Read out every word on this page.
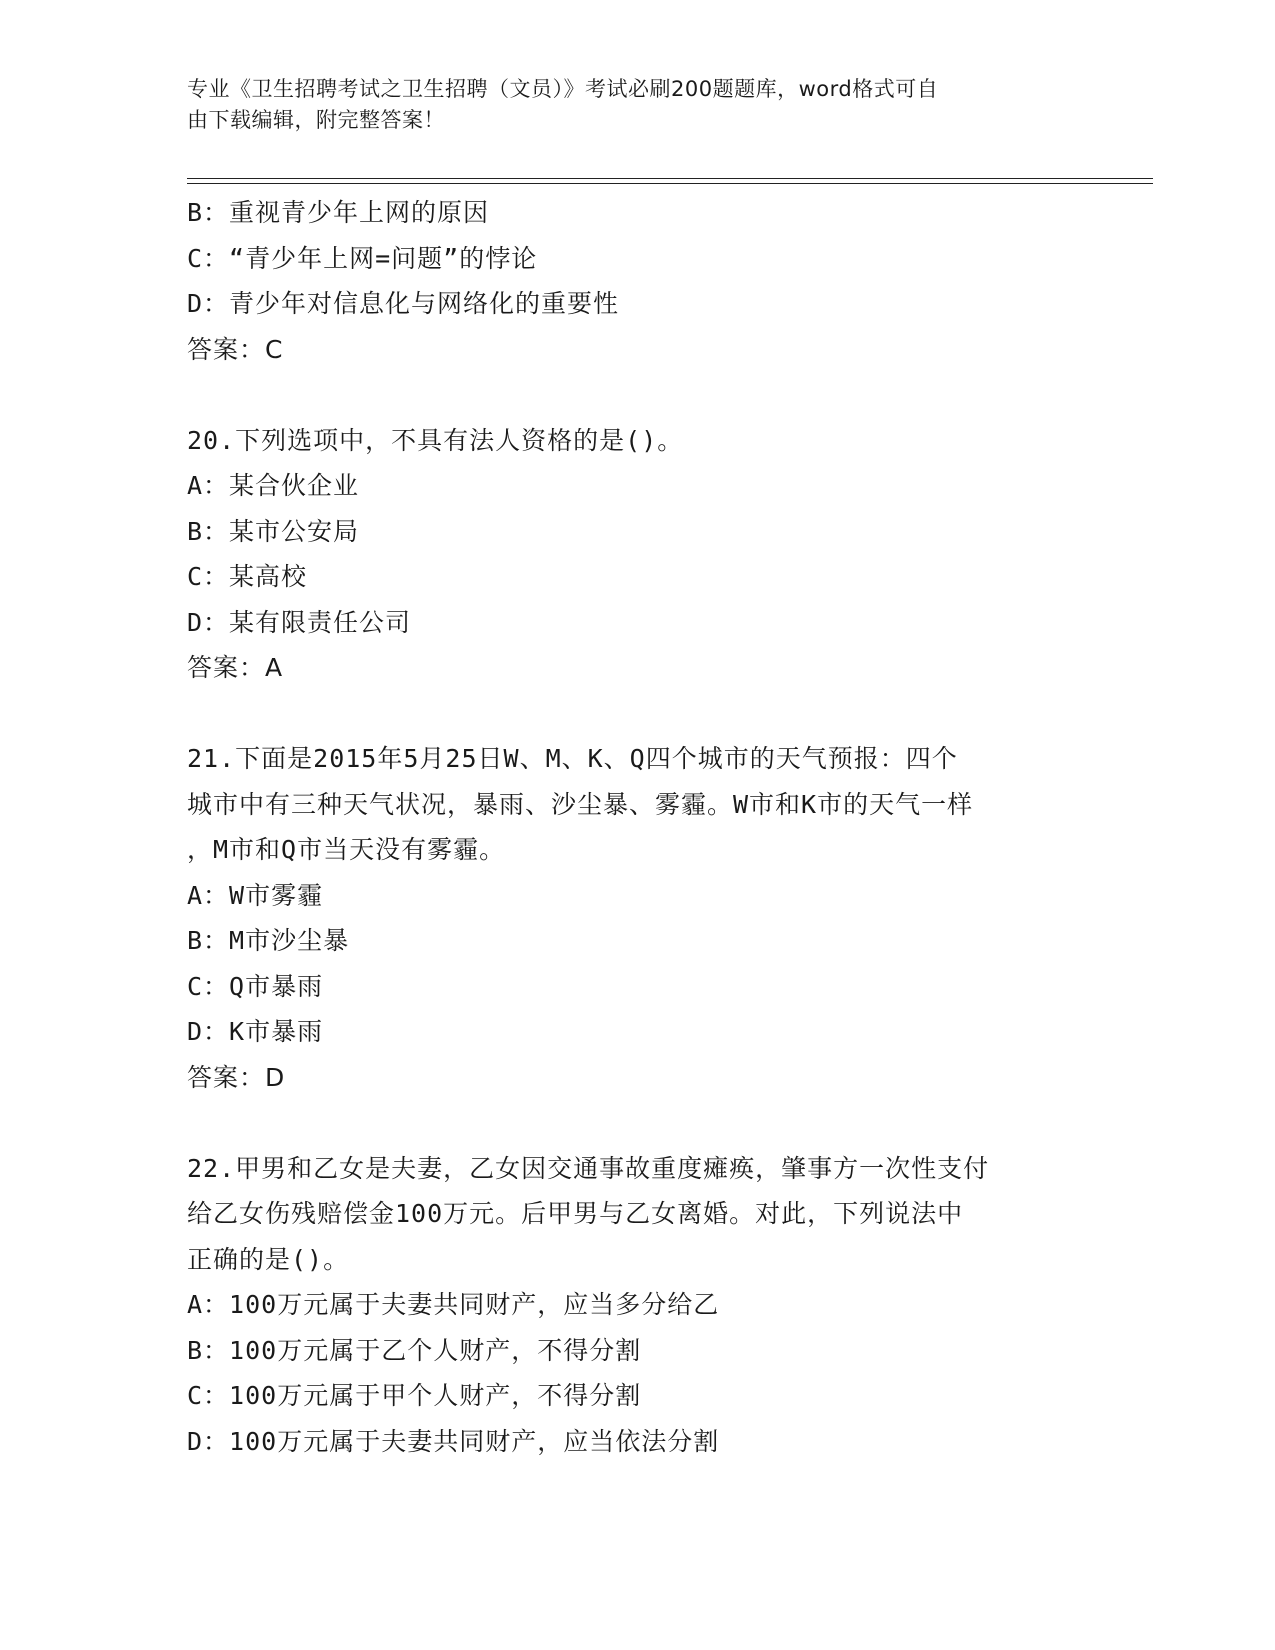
专业《卫生招聘考试之卫生招聘（文员）》考试必刷200题题库，word格式可自
由下载编辑，附完整答案！
B：重视青少年上网的原因
C：“青少年上网=问题”的悖论
D：青少年对信息化与网络化的重要性
答案：C
20.下列选项中，不具有法人资格的是()。
A：某合伙企业
B：某市公安局
C：某高校
D：某有限责任公司
答案：A
21.下面是2015年5月25日W、M、K、Q四个城市的天气预报：四个
城市中有三种天气状况，暴雨、沙尘暴、雾霾。W市和K市的天气一样
，M市和Q市当天没有雾霾。
A：W市雾霾
B：M市沙尘暴
C：Q市暴雨
D：K市暴雨
答案：D
22.甲男和乙女是夫妻，乙女因交通事故重度瘫痪，肇事方一次性支付
给乙女伤残赔偿金100万元。后甲男与乙女离婚。对此，下列说法中
正确的是()。
A：100万元属于夫妻共同财产，应当多分给乙
B：100万元属于乙个人财产，不得分割
C：100万元属于甲个人财产，不得分割
D：100万元属于夫妻共同财产，应当依法分割
